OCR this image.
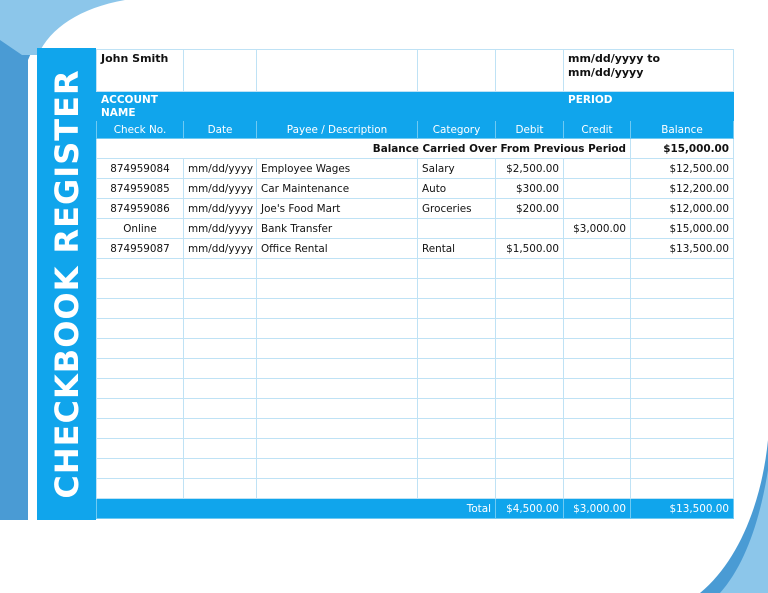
CHECKBOOK REGISTER
John Smith					mm/dd/yyyy to mm/dd/yyyy	
ACCOUNT NAME					PERIOD	
Check No.	Date	Payee / Description	Category	Debit	Credit	Balance
Balance Carried Over From Previous Period						$15,000.00
874959084	mm/dd/yyyy	Employee Wages	Salary	$2,500.00		$12,500.00
874959085	mm/dd/yyyy	Car Maintenance	Auto	$300.00		$12,200.00
874959086	mm/dd/yyyy	Joe's Food Mart	Groceries	$200.00		$12,000.00
Online	mm/dd/yyyy	Bank Transfer			$3,000.00	$15,000.00
874959087	mm/dd/yyyy	Office Rental	Rental	$1,500.00		$13,500.00

Total				$4,500.00	$3,000.00	$13,500.00
